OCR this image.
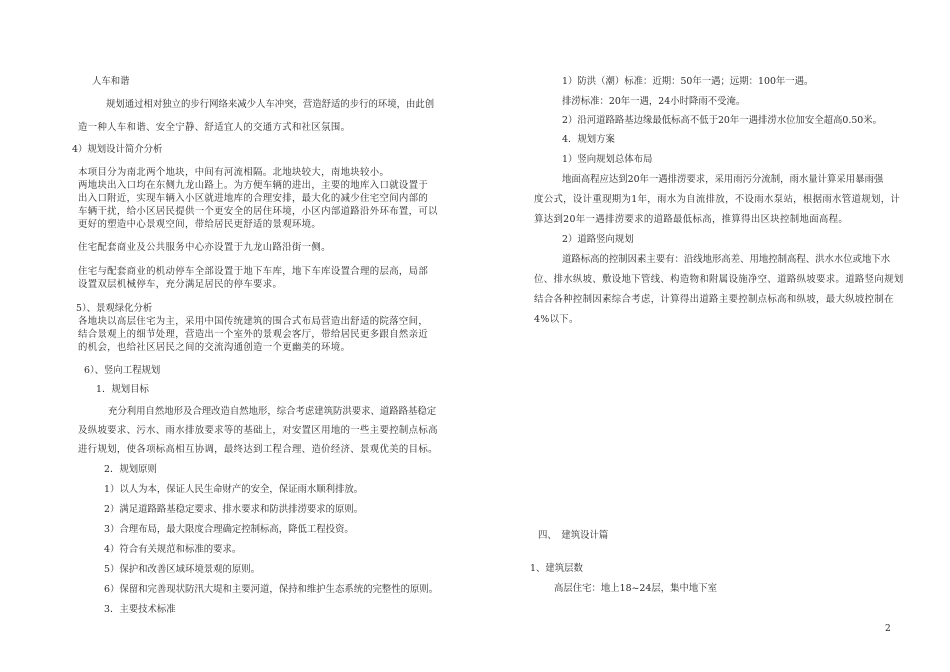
人车和谐
规划通过相对独立的步行网络来减少人车冲突，营造舒适的步行的环境，由此创
造一种人车和谐、安全宁静、舒适宜人的交通方式和社区氛围。
4）规划设计简介分析
本项目分为南北两个地块，中间有河流相隔。北地块较大，南地块较小。
两地块出入口均在东侧九龙山路上。为方便车辆的进出，主要的地库入口就设置于
出入口附近，实现车辆入小区就进地库的合理安排，最大化的减少住宅空间内部的
车辆干扰，给小区居民提供一个更安全的居住环境，小区内部道路沿外环布置，可以
更好的塑造中心景观空间，带给居民更舒适的景观环境。
住宅配套商业及公共服务中心亦设置于九龙山路沿街一侧。
住宅与配套商业的机动停车全部设置于地下车库，地下车库设置合理的层高，局部
设置双层机械停车，充分满足居民的停车要求。
5）、景观绿化分析
各地块以高层住宅为主，采用中国传统建筑的围合式布局营造出舒适的院落空间，
结合景观上的细节处理，营造出一个室外的景观会客厅，带给居民更多跟自然亲近
的机会，也给社区居民之间的交流沟通创造一个更幽美的环境。
6）、竖向工程规划
1．规划目标
充分利用自然地形及合理改造自然地形，综合考虑建筑防洪要求、道路路基稳定
及纵坡要求、污水、雨水排放要求等的基础上，对安置区用地的一些主要控制点标高
进行规划，使各项标高相互协调，最终达到工程合理、造价经济、景观优美的目标。
2．规划原则
1）以人为本，保证人民生命财产的安全，保证雨水顺利排放。
2）满足道路路基稳定要求、排水要求和防洪排涝要求的原则。
3）合理布局，最大限度合理确定控制标高，降低工程投资。
4）符合有关规范和标准的要求。
5）保护和改善区域环境景观的原则。
6）保留和完善现状防汛大堤和主要河道，保持和维护生态系统的完整性的原则。
3．主要技术标准
1）防洪（潮）标准：近期：50年一遇；远期：100年一遇。
排涝标准：20年一遇，24小时降雨不受淹。
2）沿河道路路基边缘最低标高不低于20年一遇排涝水位加安全超高0.50米。
4．规划方案
1）竖向规划总体布局
地面高程应达到20年一遇排涝要求，采用雨污分流制，雨水量计算采用暴雨强
度公式，设计重现期为1年，雨水为自流排放，不设雨水泵站，根据雨水管道规划，计
算达到20年一遇排涝要求的道路最低标高，推算得出区块控制地面高程。
2）道路竖向规划
道路标高的控制因素主要有：沿线地形高差、用地控制高程、洪水水位或地下水
位、排水纵坡、敷设地下管线、构造物和附属设施净空、道路纵坡要求。道路竖向规划
结合各种控制因素综合考虑，计算得出道路主要控制点标高和纵坡，最大纵坡控制在
4%以下。
四、　建筑设计篇
1、建筑层数
高层住宅：地上18~24层，集中地下室
2
